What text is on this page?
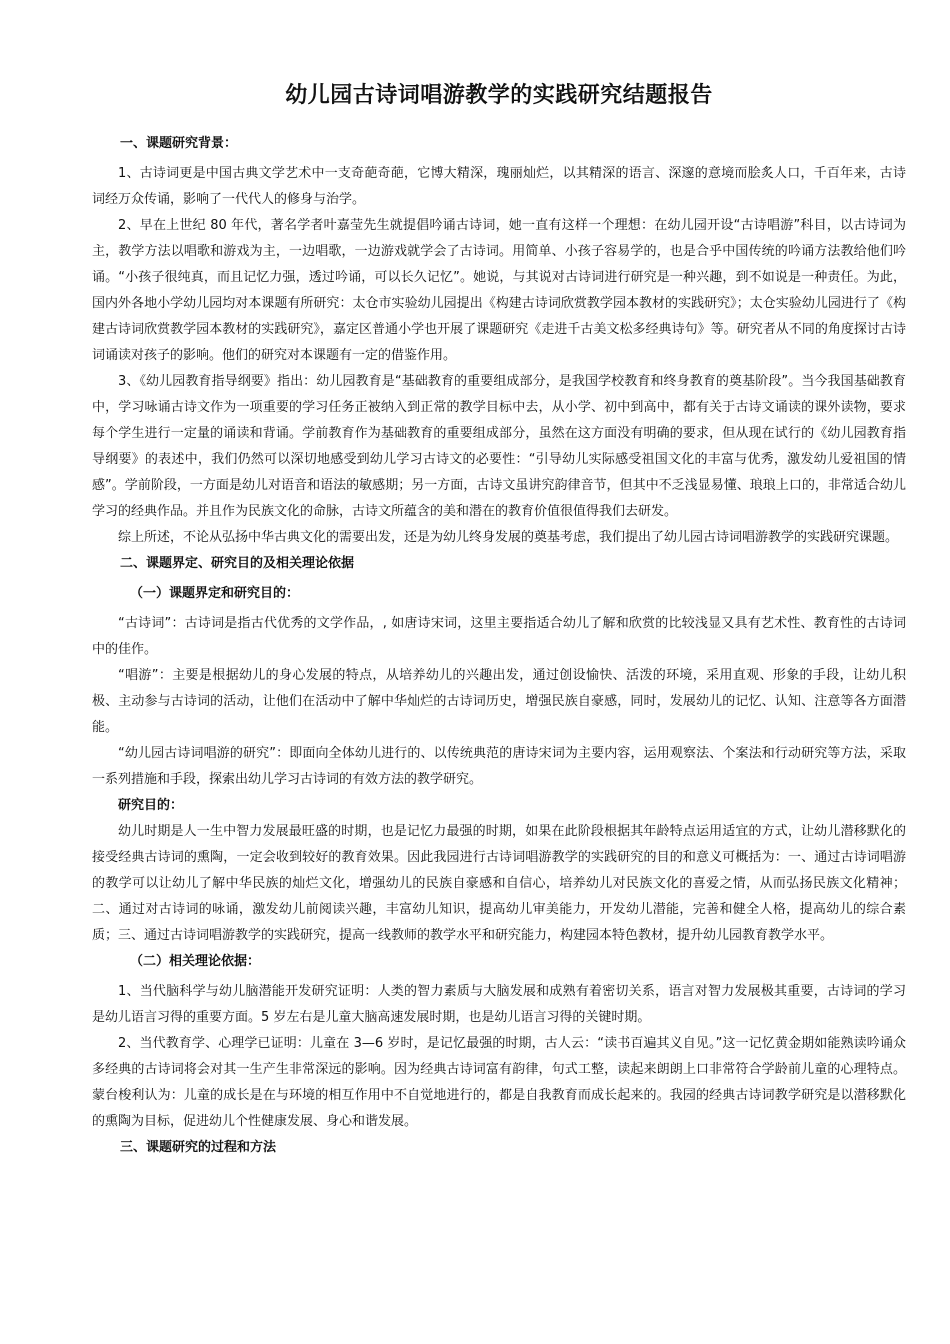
幼儿园古诗词唱游教学的实践研究结题报告
一、课题研究背景：

1、古诗词更是中国古典文学艺术中一支奇葩奇葩，它博大精深，瑰丽灿烂，以其精深的语言、深邃的意境而脍炙人口，千百年来，古诗词经万众传诵，影响了一代代人的修身与治学。

2、早在上世纪 80 年代，著名学者叶嘉莹先生就提倡吟诵古诗词，她一直有这样一个理想：在幼儿园开设“古诗唱游”科目，以古诗词为主，教学方法以唱歌和游戏为主，一边唱歌，一边游戏就学会了古诗词。用简单、小孩子容易学的，也是合乎中国传统的吟诵方法教给他们吟诵。“小孩子很纯真，而且记忆力强，透过吟诵，可以长久记忆”。她说，与其说对古诗词进行研究是一种兴趣，到不如说是一种责任。为此，国内外各地小学幼儿园均对本课题有所研究：太仓市实验幼儿园提出《构建古诗词欣赏教学园本教材的实践研究》；太仓实验幼儿园进行了《构建古诗词欣赏教学园本教材的实践研究》，嘉定区普通小学也开展了课题研究《走进千古美文松多经典诗句》等。研究者从不同的角度探讨古诗词诵读对孩子的影响。他们的研究对本课题有一定的借鉴作用。

3、《幼儿园教育指导纲要》指出：幼儿园教育是“基础教育的重要组成部分，是我国学校教育和终身教育的奠基阶段”。当今我国基础教育中，学习咏诵古诗文作为一项重要的学习任务正被纳入到正常的教学目标中去，从小学、初中到高中，都有关于古诗文诵读的课外读物，要求每个学生进行一定量的诵读和背诵。学前教育作为基础教育的重要组成部分，虽然在这方面没有明确的要求，但从现在试行的《幼儿园教育指导纲要》的表述中，我们仍然可以深切地感受到幼儿学习古诗文的必要性：“引导幼儿实际感受祖国文化的丰富与优秀，激发幼儿爱祖国的情感”。学前阶段，一方面是幼儿对语音和语法的敏感期；另一方面，古诗文虽讲究韵律音节，但其中不乏浅显易懂、琅琅上口的，非常适合幼儿学习的经典作品。并且作为民族文化的命脉，古诗文所蕴含的美和潜在的教育价值很值得我们去研发。

综上所述，不论从弘扬中华古典文化的需要出发，还是为幼儿终身发展的奠基考虑，我们提出了幼儿园古诗词唱游教学的实践研究课题。

二、课题界定、研究目的及相关理论依据
（一）课题界定和研究目的：

“古诗词”：古诗词是指古代优秀的文学作品，, 如唐诗宋词，这里主要指适合幼儿了解和欣赏的比较浅显又具有艺术性、教育性的古诗词中的佳作。

“唱游”：主要是根据幼儿的身心发展的特点，从培养幼儿的兴趣出发，通过创设愉快、活泼的环境，采用直观、形象的手段，让幼儿积极、主动参与古诗词的活动，让他们在活动中了解中华灿烂的古诗词历史，增强民族自豪感，同时，发展幼儿的记忆、认知、注意等各方面潜能。

“幼儿园古诗词唱游的研究”：即面向全体幼儿进行的、以传统典范的唐诗宋词为主要内容，运用观察法、个案法和行动研究等方法，采取一系列措施和手段，探索出幼儿学习古诗词的有效方法的教学研究。

研究目的：

幼儿时期是人一生中智力发展最旺盛的时期，也是记忆力最强的时期，如果在此阶段根据其年龄特点运用适宜的方式，让幼儿潜移默化的接受经典古诗词的熏陶，一定会收到较好的教育效果。因此我园进行古诗词唱游教学的实践研究的目的和意义可概括为：一、通过古诗词唱游的教学可以让幼儿了解中华民族的灿烂文化，增强幼儿的民族自豪感和自信心，培养幼儿对民族文化的喜爱之情，从而弘扬民族文化精神；二、通过对古诗词的咏诵，激发幼儿前阅读兴趣，丰富幼儿知识，提高幼儿审美能力，开发幼儿潜能，完善和健全人格，提高幼儿的综合素质；三、通过古诗词唱游教学的实践研究，提高一线教师的教学水平和研究能力，构建园本特色教材，提升幼儿园教育教学水平。

（二）相关理论依据：

1、当代脑科学与幼儿脑潜能开发研究证明：人类的智力素质与大脑发展和成熟有着密切关系，语言对智力发展极其重要，古诗词的学习是幼儿语言习得的重要方面。5 岁左右是儿童大脑高速发展时期，也是幼儿语言习得的关键时期。

2、当代教育学、心理学已证明：儿童在 3—6 岁时，是记忆最强的时期，古人云：“读书百遍其义自见。”这一记忆黄金期如能熟读吟诵众多经典的古诗词将会对其一生产生非常深远的影响。因为经典古诗词富有韵律，句式工整，读起来朗朗上口非常符合学龄前儿童的心理特点。蒙台梭利认为：儿童的成长是在与环境的相互作用中不自觉地进行的，都是自我教育而成长起来的。我园的经典古诗词教学研究是以潜移默化的熏陶为目标，促进幼儿个性健康发展、身心和谐发展。

三、课题研究的过程和方法
